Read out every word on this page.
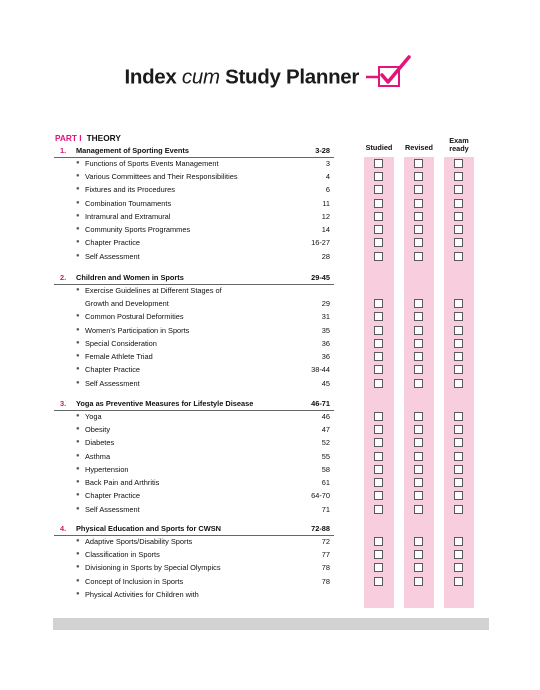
Index cum Study Planner
PART I THEORY
Studied	Revised
Exam
ready
1. Management of Sporting Events	3-28
● Functions of Sports Events Management	3
● Various Committees and Their Responsibilities	4
● Fixtures and its Procedures	6
● Combination Tournaments	11
● Intramural and Extramural	12
● Community Sports Programmes	14
● Chapter Practice	16-27
● Self Assessment	28
2. Children and Women in Sports	29-45
● Exercise Guidelines at Different Stages of
Growth and Development	29
● Common Postural Deformities	31
● Women's Participation in Sports	35
● Special Consideration	36
● Female Athlete Triad	36
● Chapter Practice	38-44
● Self Assessment	45
3. Yoga as Preventive Measures for Lifestyle Disease	46-71
● Yoga	46
● Obesity	47
● Diabetes	52
● Asthma	55
● Hypertension	58
● Back Pain and Arthritis	61
● Chapter Practice	64-70
● Self Assessment	71
4. Physical Education and Sports for CWSN	72-88
● Adaptive Sports/Disability Sports	72
● Classification in Sports	77
● Divisioning in Sports by Special Olympics	78
● Concept of Inclusion in Sports	78
● Physical Activities for Children with
